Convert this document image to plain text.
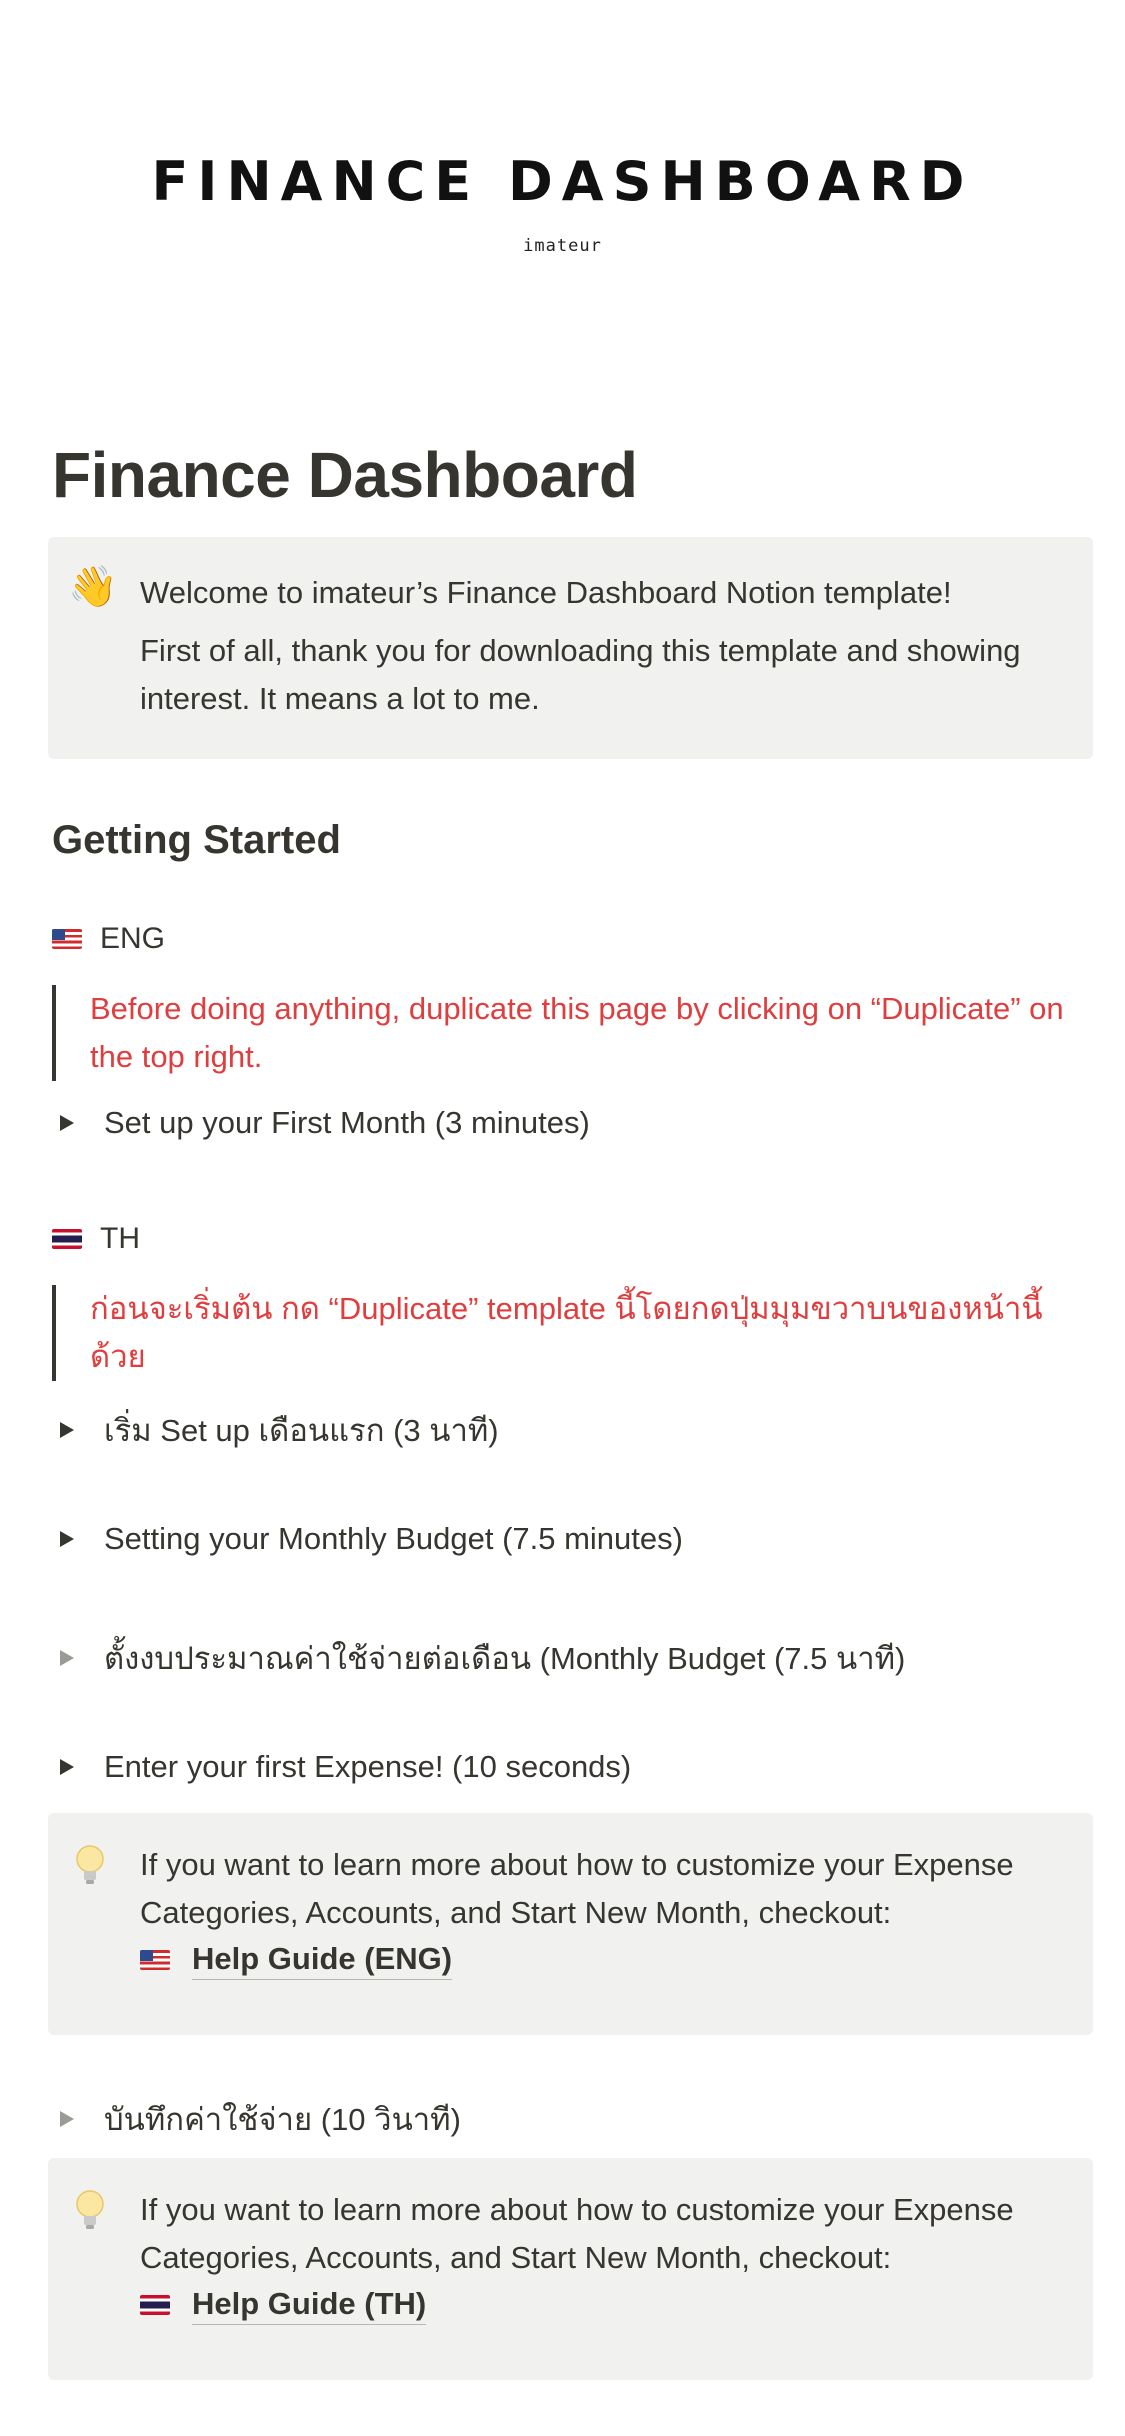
FINANCE DASHBOARD
imateur
Finance Dashboard
👋 Welcome to imateur’s Finance Dashboard Notion template!
First of all, thank you for downloading this template and showing interest. It means a lot to me.
Getting Started
ENG
Before doing anything, duplicate this page by clicking on “Duplicate” on the top right.
Set up your First Month (3 minutes)
TH
ก่อนจะเริ่มต้น กด “Duplicate” template นี้โดยกดปุ่มมุมขวาบนของหน้านี้ด้วย
เริ่ม Set up เดือนแรก (3 นาที)
Setting your Monthly Budget (7.5 minutes)
ตั้งงบประมาณค่าใช้จ่ายต่อเดือน (Monthly Budget (7.5 นาที)
Enter your first Expense! (10 seconds)
If you want to learn more about how to customize your Expense Categories, Accounts, and Start New Month, checkout:
Help Guide (ENG)
บันทึกค่าใช้จ่าย (10 วินาที)
If you want to learn more about how to customize your Expense Categories, Accounts, and Start New Month, checkout:
Help Guide (TH)
